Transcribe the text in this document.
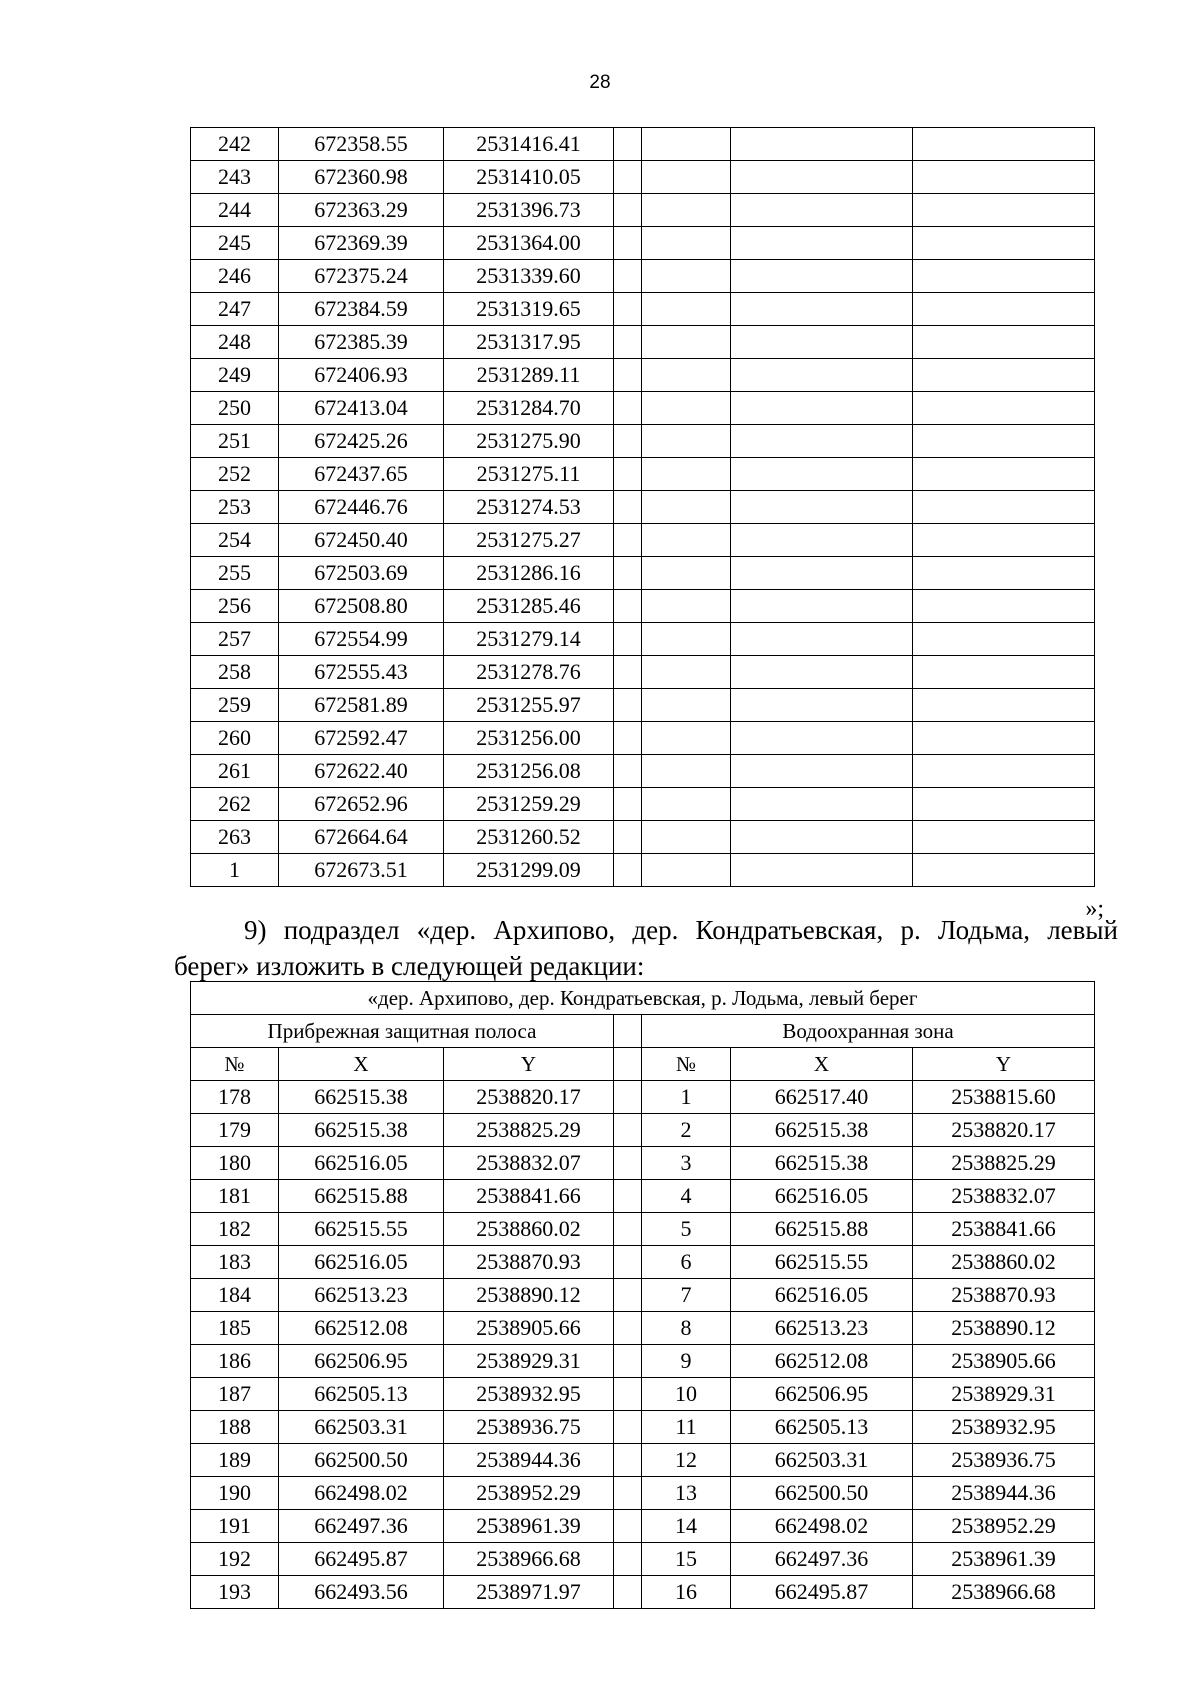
28
242	672358.55	2531416.41				
243	672360.98	2531410.05				
244	672363.29	2531396.73				
245	672369.39	2531364.00				
246	672375.24	2531339.60				
247	672384.59	2531319.65				
248	672385.39	2531317.95				
249	672406.93	2531289.11				
250	672413.04	2531284.70				
251	672425.26	2531275.90				
252	672437.65	2531275.11				
253	672446.76	2531274.53				
254	672450.40	2531275.27				
255	672503.69	2531286.16				
256	672508.80	2531285.46				
257	672554.99	2531279.14				
258	672555.43	2531278.76				
259	672581.89	2531255.97				
260	672592.47	2531256.00				
261	672622.40	2531256.08				
262	672652.96	2531259.29				
263	672664.64	2531260.52				
1	672673.51	2531299.09				
»;
9) подраздел «дер. Архипово, дер. Кондратьевская, р. Лодьма, левый
берег» изложить в следующей редакции:
«дер. Архипово, дер. Кондратьевская, р. Лодьма, левый берег						
Прибрежная защитная полоса				Водоохранная зона		
№	X	Y		№	X	Y
178	662515.38	2538820.17		1	662517.40	2538815.60
179	662515.38	2538825.29		2	662515.38	2538820.17
180	662516.05	2538832.07		3	662515.38	2538825.29
181	662515.88	2538841.66		4	662516.05	2538832.07
182	662515.55	2538860.02		5	662515.88	2538841.66
183	662516.05	2538870.93		6	662515.55	2538860.02
184	662513.23	2538890.12		7	662516.05	2538870.93
185	662512.08	2538905.66		8	662513.23	2538890.12
186	662506.95	2538929.31		9	662512.08	2538905.66
187	662505.13	2538932.95		10	662506.95	2538929.31
188	662503.31	2538936.75		11	662505.13	2538932.95
189	662500.50	2538944.36		12	662503.31	2538936.75
190	662498.02	2538952.29		13	662500.50	2538944.36
191	662497.36	2538961.39		14	662498.02	2538952.29
192	662495.87	2538966.68		15	662497.36	2538961.39
193	662493.56	2538971.97		16	662495.87	2538966.68
